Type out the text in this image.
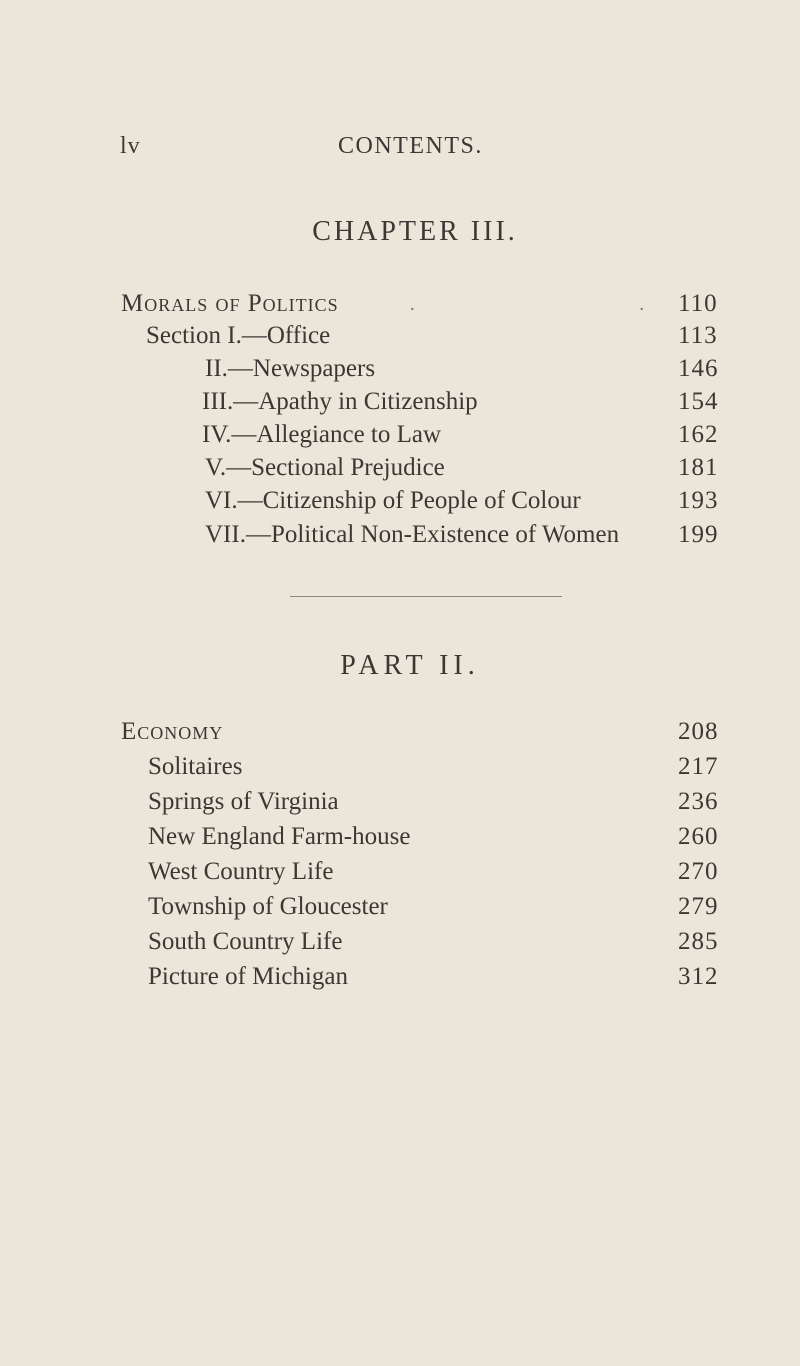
lv	CONTENTS.
CHAPTER III.
Morals of Politics	.                                                  . 110
Section I.—Office	113
II.—Newspapers	146
III.—Apathy in Citizenship	154
IV.—Allegiance to Law	162
V.—Sectional Prejudice	181
VI.—Citizenship of People of Colour	193
VII.—Political Non-Existence of Women 199
PART II.
Economy	208
Solitaires	217
Springs of Virginia	236
New England Farm-house	260
West Country Life	270
Township of Gloucester	279
South Country Life	285
Picture of Michigan	312
